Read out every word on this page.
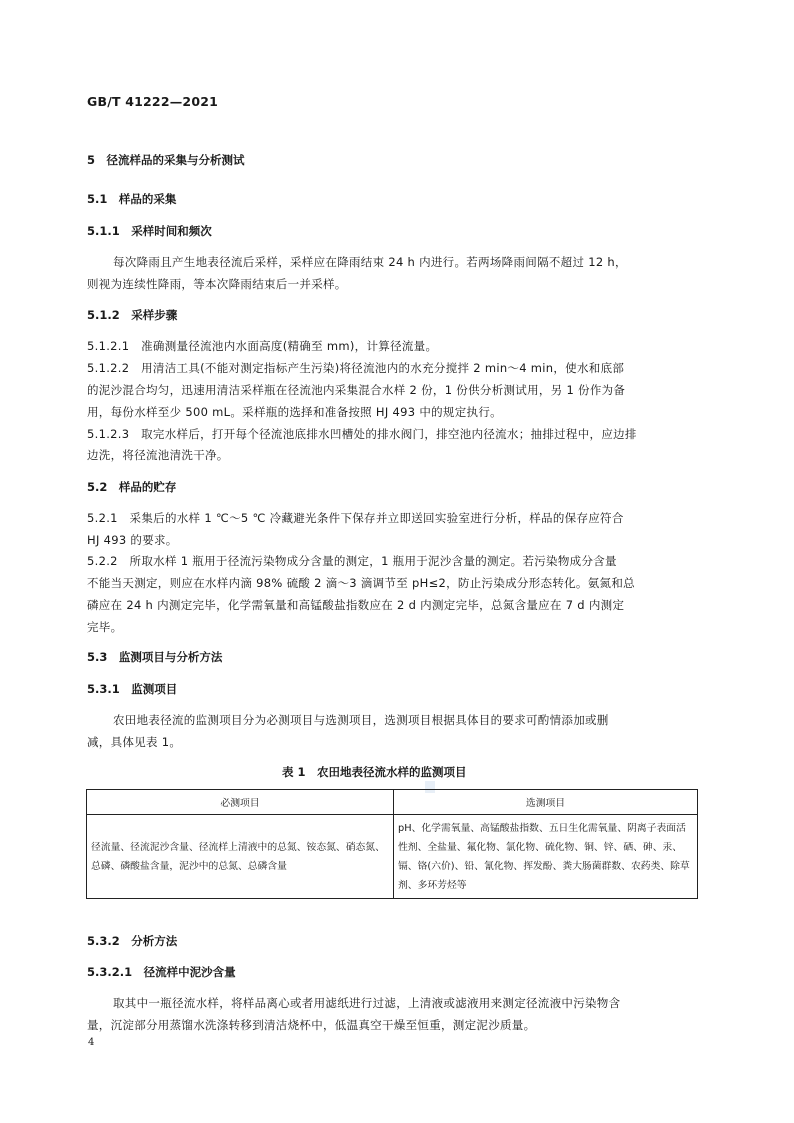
GB/T 41222—2021
5　径流样品的采集与分析测试
5.1　样品的采集
5.1.1　采样时间和频次
每次降雨且产生地表径流后采样，采样应在降雨结束 24 h 内进行。若两场降雨间隔不超过 12 h，
则视为连续性降雨，等本次降雨结束后一并采样。
5.1.2　采样步骤
5.1.2.1　准确测量径流池内水面高度(精确至 mm)，计算径流量。
5.1.2.2　用清洁工具(不能对测定指标产生污染)将径流池内的水充分搅拌 2 min～4 min，使水和底部
的泥沙混合均匀，迅速用清洁采样瓶在径流池内采集混合水样 2 份，1 份供分析测试用，另 1 份作为备
用，每份水样至少 500 mL。采样瓶的选择和准备按照 HJ 493 中的规定执行。
5.1.2.3　取完水样后，打开每个径流池底排水凹槽处的排水阀门，排空池内径流水；抽排过程中，应边排
边洗，将径流池清洗干净。
5.2　样品的贮存
5.2.1　采集后的水样 1 ℃～5 ℃ 冷藏避光条件下保存并立即送回实验室进行分析，样品的保存应符合
HJ 493 的要求。
5.2.2　所取水样 1 瓶用于径流污染物成分含量的测定，1 瓶用于泥沙含量的测定。若污染物成分含量
不能当天测定，则应在水样内滴 98% 硫酸 2 滴～3 滴调节至 pH≤2，防止污染成分形态转化。氨氮和总
磷应在 24 h 内测定完毕，化学需氧量和高锰酸盐指数应在 2 d 内测定完毕，总氮含量应在 7 d 内测定
完毕。
5.3　监测项目与分析方法
5.3.1　监测项目
农田地表径流的监测项目分为必测项目与选测项目，选测项目根据具体目的要求可酌情添加或删
减，具体见表 1。
表 1　农田地表径流水样的监测项目
必测项目	选测项目
径流量、径流泥沙含量、径流样上清液中的总氮、铵态氮、硝态氮、总磷、磷酸盐含量，泥沙中的总氮、总磷含量	pH、化学需氧量、高锰酸盐指数、五日生化需氧量、阴离子表面活性剂、全盐量、氟化物、氯化物、硫化物、铜、锌、硒、砷、汞、镉、铬(六价)、铅、氰化物、挥发酚、粪大肠菌群数、农药类、除草剂、多环芳烃等
5.3.2　分析方法
5.3.2.1　径流样中泥沙含量
取其中一瓶径流水样，将样品离心或者用滤纸进行过滤，上清液或滤液用来测定径流液中污染物含
量，沉淀部分用蒸馏水洗涤转移到清洁烧杯中，低温真空干燥至恒重，测定泥沙质量。
4
